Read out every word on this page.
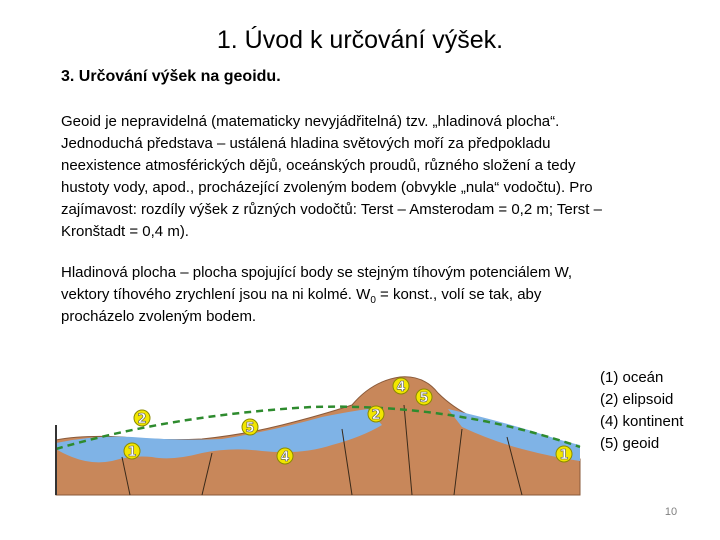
1. Úvod k určování výšek.
3. Určování výšek na geoidu.
Geoid je nepravidelná (matematicky nevyjádřitelná) tzv. „hladinová plocha“.
Jednoduchá představa – ustálená hladina světových moří za předpokladu
neexistence atmosférických dějů, oceánských proudů, různého složení a tedy
hustoty vody, apod., procházející zvoleným bodem (obvykle „nula“ vodočtu). Pro
zajímavost: rozdíly výšek z různých vodočtů: Terst – Amsterodam = 0,2 m; Terst –
Kronštadt = 0,4 m).
Hladinová plocha – plocha spojující body se stejným tíhovým potenciálem W,
vektory tíhového zrychlení jsou na ni kolmé. $W_0$ = konst., volí se tak, aby
procházelo zvoleným bodem.
2
1
5
4
2
4
5
1
(1) oceán
(2) elipsoid
(4) kontinent
(5) geoid
10
